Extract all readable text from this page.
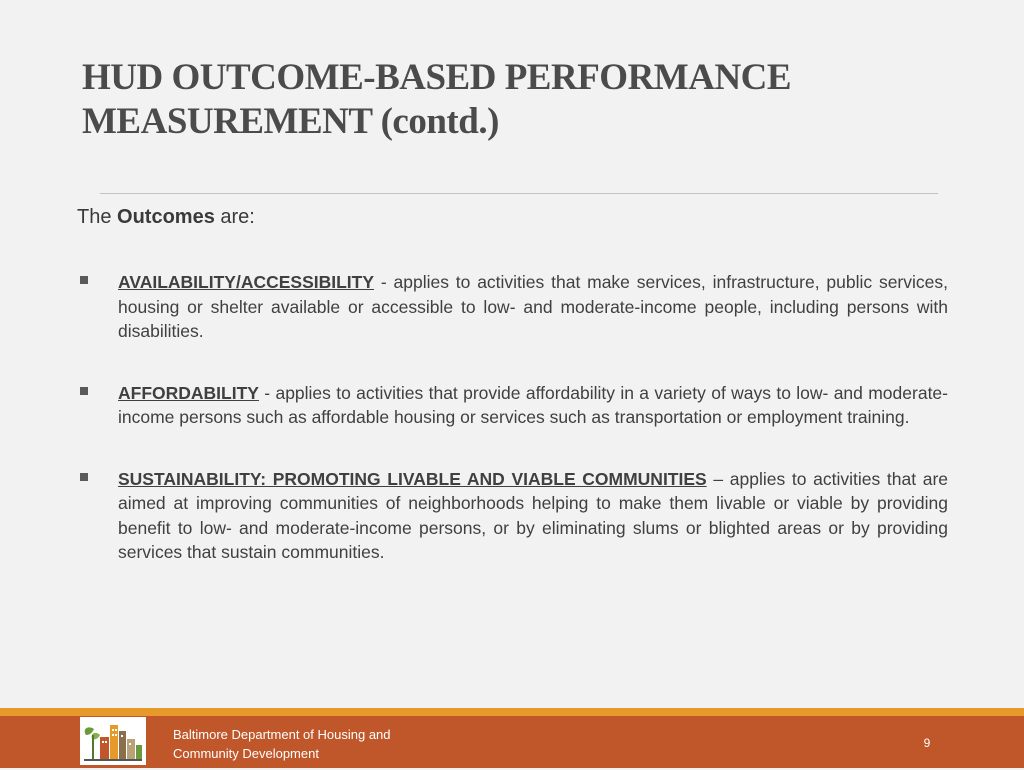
HUD OUTCOME-BASED PERFORMANCE
MEASUREMENT (contd.)
The Outcomes are:
AVAILABILITY/ACCESSIBILITY - applies to activities that make services, infrastructure, public services, housing or shelter available or accessible to low- and moderate-income people, including persons with disabilities.
AFFORDABILITY - applies to activities that provide affordability in a variety of ways to low- and moderate-income persons such as affordable housing or services such as transportation or employment training.
SUSTAINABILITY: PROMOTING LIVABLE AND VIABLE COMMUNITIES – applies to activities that are aimed at improving communities of neighborhoods helping to make them livable or viable by providing benefit to low- and moderate-income persons, or by eliminating slums or blighted areas or by providing services that sustain communities.
Baltimore Department of Housing and
Community Development
9
